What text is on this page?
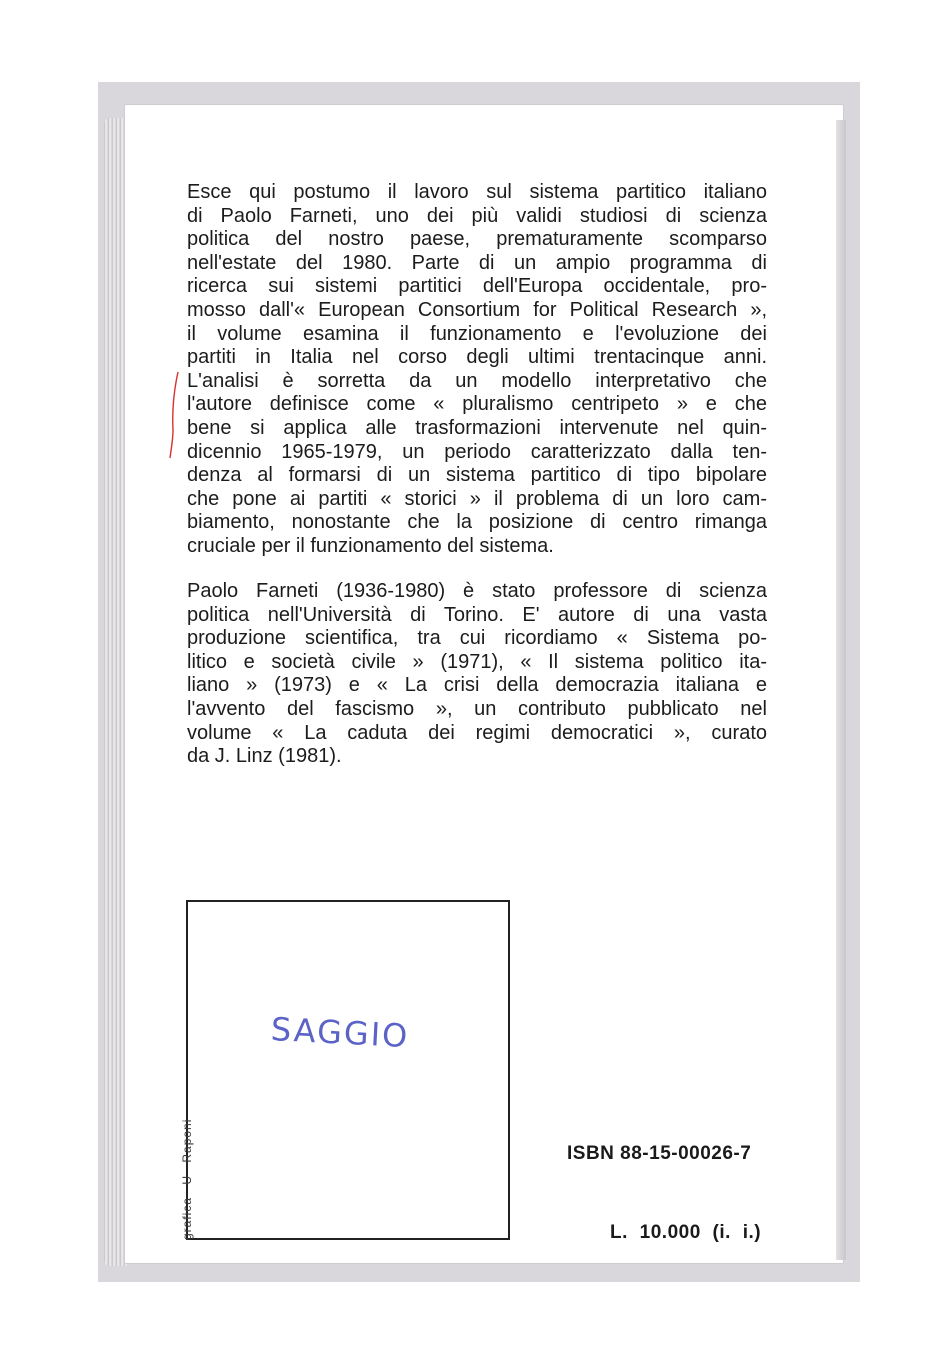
Esce qui postumo il lavoro sul sistema partitico italiano
di Paolo Farneti, uno dei più validi studiosi di scienza
politica del nostro paese, prematuramente scomparso
nell'estate del 1980. Parte di un ampio programma di
ricerca sui sistemi partitici dell'Europa occidentale, pro-
mosso dall'« European Consortium for Political Research »,
il volume esamina il funzionamento e l'evoluzione dei
partiti in Italia nel corso degli ultimi trentacinque anni.
L'analisi è sorretta da un modello interpretativo che
l'autore definisce come « pluralismo centripeto » e che
bene si applica alle trasformazioni intervenute nel quin-
dicennio 1965-1979, un periodo caratterizzato dalla ten-
denza al formarsi di un sistema partitico di tipo bipolare
che pone ai partiti « storici » il problema di un loro cam-
biamento, nonostante che la posizione di centro rimanga
cruciale per il funzionamento del sistema.
Paolo Farneti (1936-1980) è stato professore di scienza
politica nell'Università di Torino. E' autore di una vasta
produzione scientifica, tra cui ricordiamo « Sistema po-
litico e società civile » (1971), « Il sistema politico ita-
liano » (1973) e « La crisi della democrazia italiana e
l'avvento del fascismo », un contributo pubblicato nel
volume « La caduta dei regimi democratici », curato
da J. Linz (1981).
SAGGIO
grafica U Raponi	ISBN 88-15-00026-7
L. 10.000 (i. i.)
